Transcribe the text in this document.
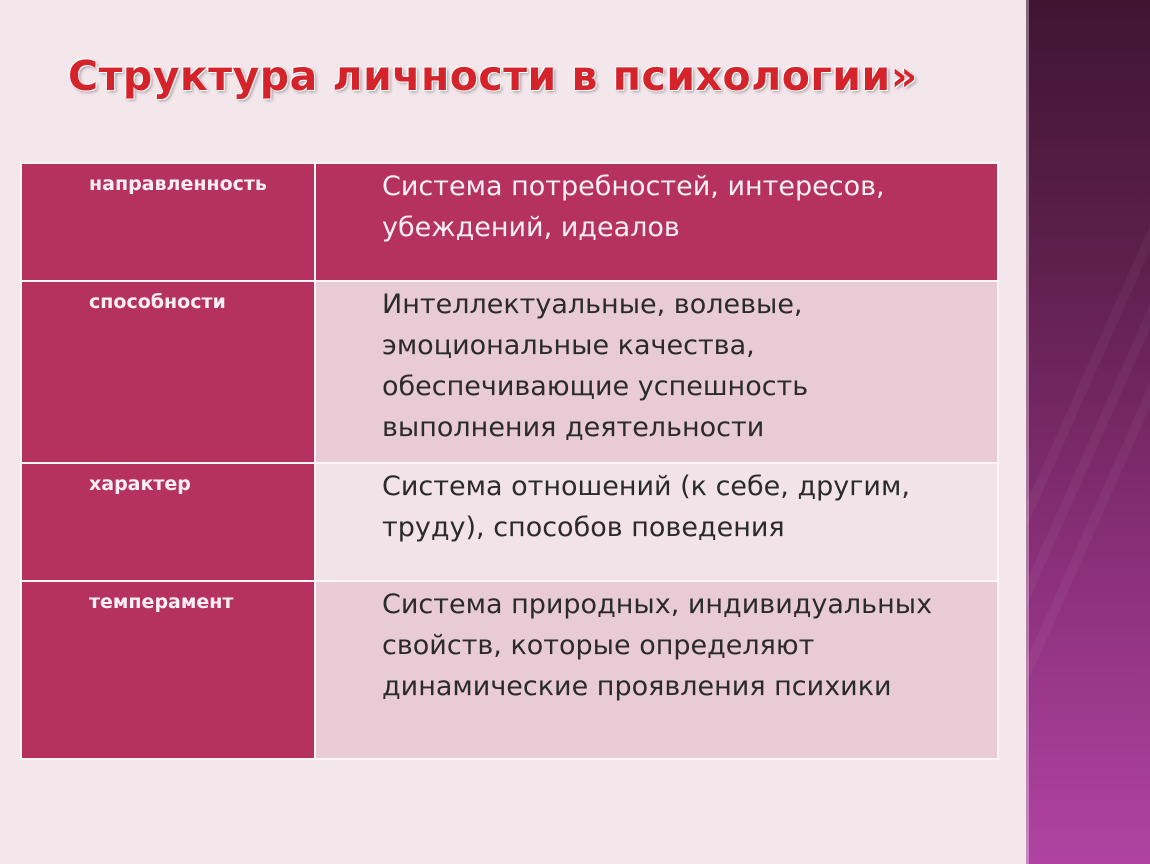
Структура личности в психологии»
направленность	Система потребностей, интересов, убеждений, идеалов

способности	Интеллектуальные, волевые, эмоциональные качества, обеспечивающие успешность выполнения деятельности

характер	Система отношений (к себе, другим, труду), способов поведения

темперамент	Система природных, индивидуальных свойств, которые определяют динамические проявления психики
